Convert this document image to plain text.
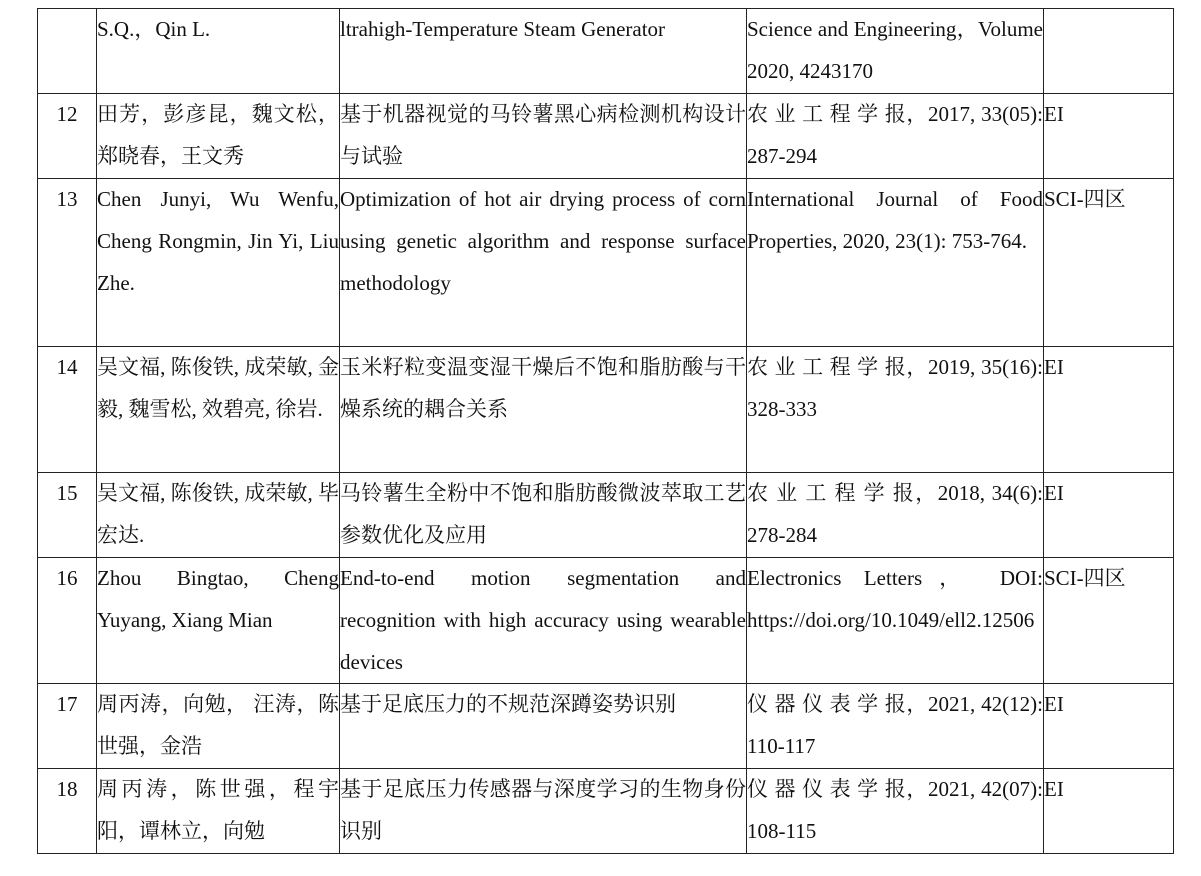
	S.Q.，Qin L.	ltrahigh-Temperature Steam Generator	Science and Engineering，Volume 2020, 4243170	

12	田芳，彭彦昆，魏文松，郑晓春，王文秀	基于机器视觉的马铃薯黑心病检测机构设计与试验	农 业 工 程 学 报，2017, 33(05): 287-294	EI
13	Chen Junyi, Wu Wenfu, Cheng Rongmin, Jin Yi, Liu Zhe.	Optimization of hot air drying process of corn using genetic algorithm and response surface methodology	International Journal of Food Properties, 2020, 23(1): 753-764.	SCI-四区
14	吴文福, 陈俊铁, 成荣敏, 金毅, 魏雪松, 效碧亮, 徐岩.	玉米籽粒变温变湿干燥后不饱和脂肪酸与干燥系统的耦合关系	农 业 工 程 学 报，2019, 35(16): 328-333	EI
15	吴文福, 陈俊铁, 成荣敏, 毕宏达.	马铃薯生全粉中不饱和脂肪酸微波萃取工艺参数优化及应用	农 业 工 程 学 报，2018, 34(6): 278-284	EI
16	Zhou Bingtao, Cheng Yuyang, Xiang Mian	End-to-end motion segmentation and recognition with high accuracy using wearable devices	Electronics Letters， DOI: https://doi.org/10.1049/ell2.12506	SCI-四区
17	周丙涛，向勉， 汪涛，陈世强，金浩	基于足底压力的不规范深蹲姿势识别	仪 器 仪 表 学 报，2021, 42(12): 110-117	EI
18	周丙涛，陈世强，程宇阳，谭林立，向勉	基于足底压力传感器与深度学习的生物身份识别	仪 器 仪 表 学 报，2021, 42(07): 108-115	EI
